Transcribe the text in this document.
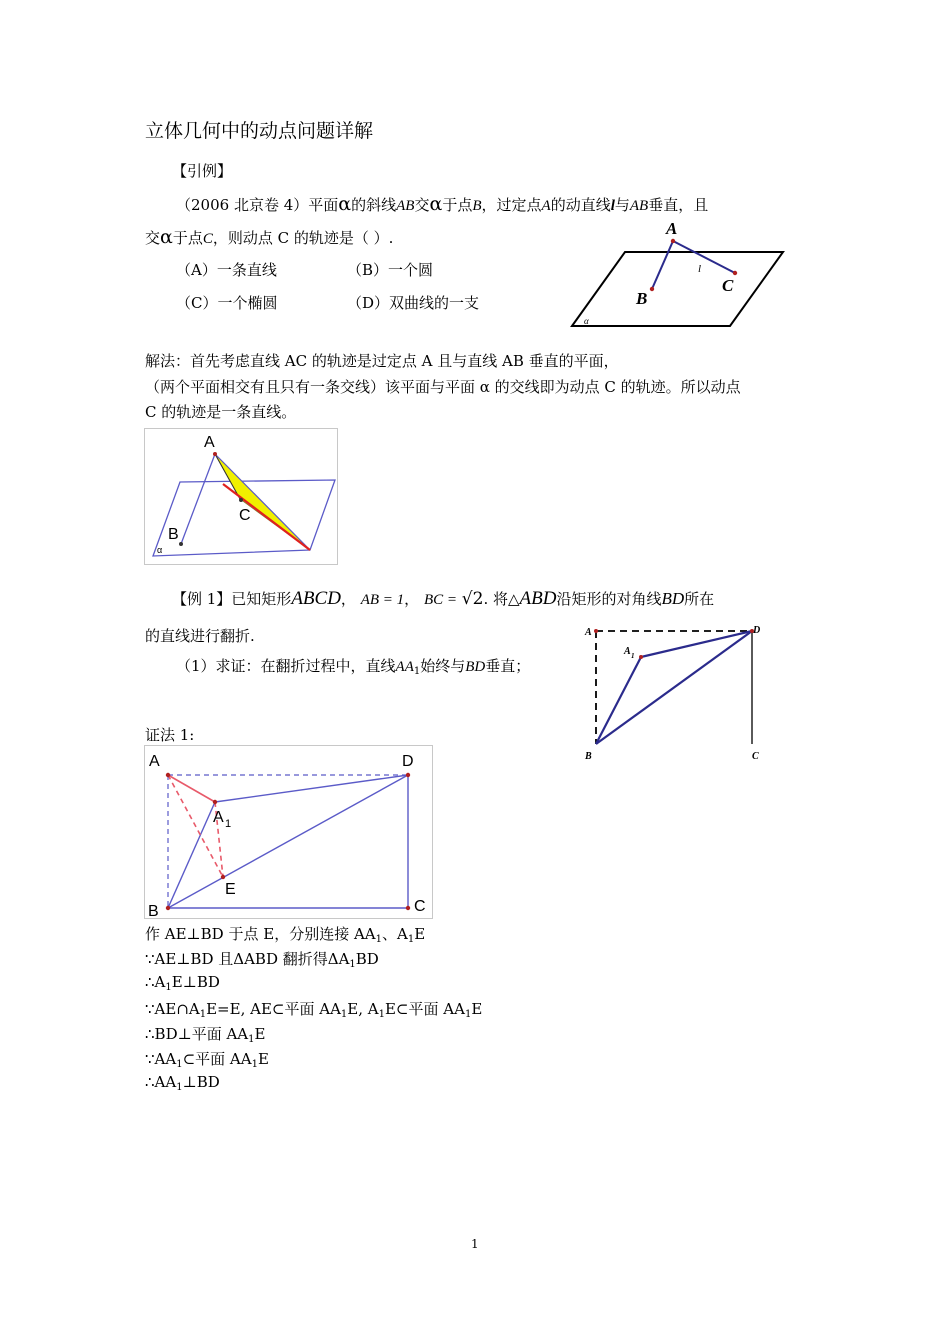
立体几何中的动点问题详解
【引例】
（2006 北京卷 4）平面α的斜线AB交α于点B，过定点A的动直线l与AB垂直，且
交α于点C，则动点 C 的轨迹是（ ）.
（A）一条直线	（B）一个圆
（C）一个椭圆	（D）双曲线的一支
A
B
C
l
α
解法：首先考虑直线 AC 的轨迹是过定点 A 且与直线 AB 垂直的平面，
（两个平面相交有且只有一条交线）该平面与平面 α 的交线即为动点 C 的轨迹。所以动点
C 的轨迹是一条直线。
A
B
C
α
【例 1】已知矩形ABCD， AB = 1， BC = √2. 将△ABD沿矩形的对角线BD所在
的直线进行翻折.
（1）求证：在翻折过程中，直线$AA_1$始终与BD垂直；
A
A 1
D
B	C
证法 1:
A
A 1
D
E
B	C
作 AE⊥BD 于点 E，分别连接 $AA_1$、$A_1E$
∵AE⊥BD 且ΔABD 翻折得$\Delta A_1BD$
$\therefore A_1E\perp BD$
$\because AE\cap A_1E=E$, AE⊂平面 $AA_1E$, $A_1E\subset$平面 $AA_1E$
∴BD⊥平面 $AA_1E$
$\because AA_1\subset$平面 $AA_1E$
$\therefore AA_1\perp BD$
1
